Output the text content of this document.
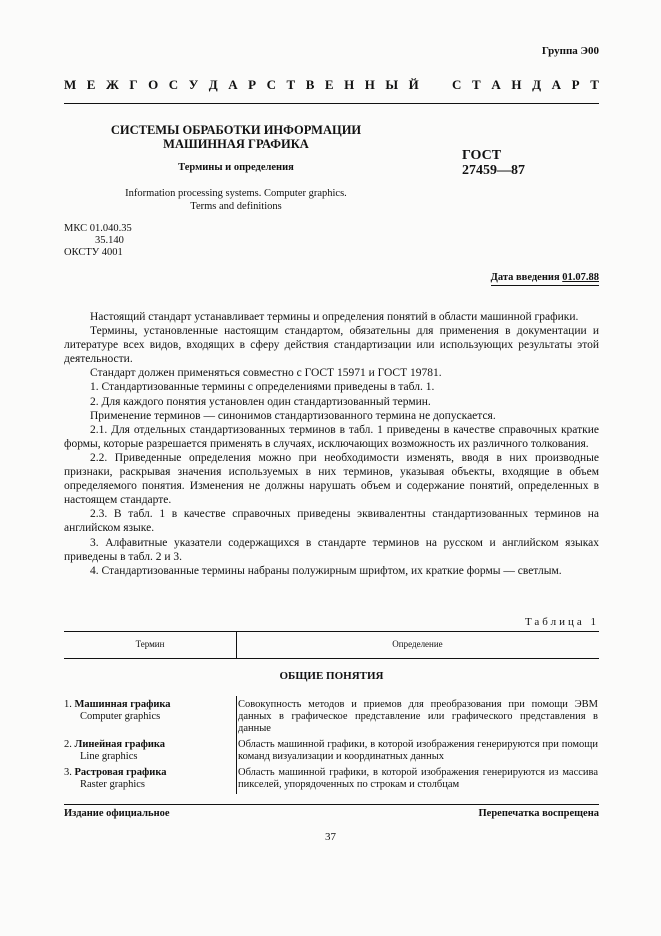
Группа Э00
М Е Ж Г О С У Д А Р С Т В Е Н Н Ы Й	С Т А Н Д А Р Т
СИСТЕМЫ ОБРАБОТКИ ИНФОРМАЦИИ
МАШИННАЯ ГРАФИКА
Термины и определения
ГОСТ
27459—87
Information processing systems. Computer graphics.
Terms and definitions
МКС 01.040.35
35.140
ОКСТУ 4001
Дата введения 01.07.88

Настоящий стандарт устанавливает термины и определения понятий в области машинной графики.

Термины, установленные настоящим стандартом, обязательны для применения в документации и литературе всех видов, входящих в сферу действия стандартизации или использующих результаты этой деятельности.

Стандарт должен применяться совместно с ГОСТ 15971 и ГОСТ 19781.

1. Стандартизованные термины с определениями приведены в табл. 1.

2. Для каждого понятия установлен один стандартизованный термин.

Применение терминов — синонимов стандартизованного термина не допускается.

2.1. Для отдельных стандартизованных терминов в табл. 1 приведены в качестве справочных краткие формы, которые разрешается применять в случаях, исключающих возможность их различного толкования.

2.2. Приведенные определения можно при необходимости изменять, вводя в них производные признаки, раскрывая значения используемых в них терминов, указывая объекты, входящие в объем определяемого понятия. Изменения не должны нарушать объем и содержание понятий, определенных в настоящем стандарте.

2.3. В табл. 1 в качестве справочных приведены эквивалентны стандартизованных терминов на английском языке.

3. Алфавитные указатели содержащихся в стандарте терминов на русском и английском языках приведены в табл. 2 и 3.

4. Стандартизованные термины набраны полужирным шрифтом, их краткие формы — светлым.

Таблица 1
Термин	Определение
ОБЩИЕ ПОНЯТИЯ
1. Машинная графика
Computer graphics
Совокупность методов и приемов для преобразования при помощи ЭВМ данных в графическое представление или графического представления в данные
2. Линейная графика
Line graphics
Область машинной графики, в которой изображения генерируются при помощи команд визуализации и координатных данных
3. Растровая графика
Raster graphics
Область машинной графики, в которой изображения генерируются из массива пикселей, упорядоченных по строкам и столбцам
Издание официальное	Перепечатка воспрещена
37
